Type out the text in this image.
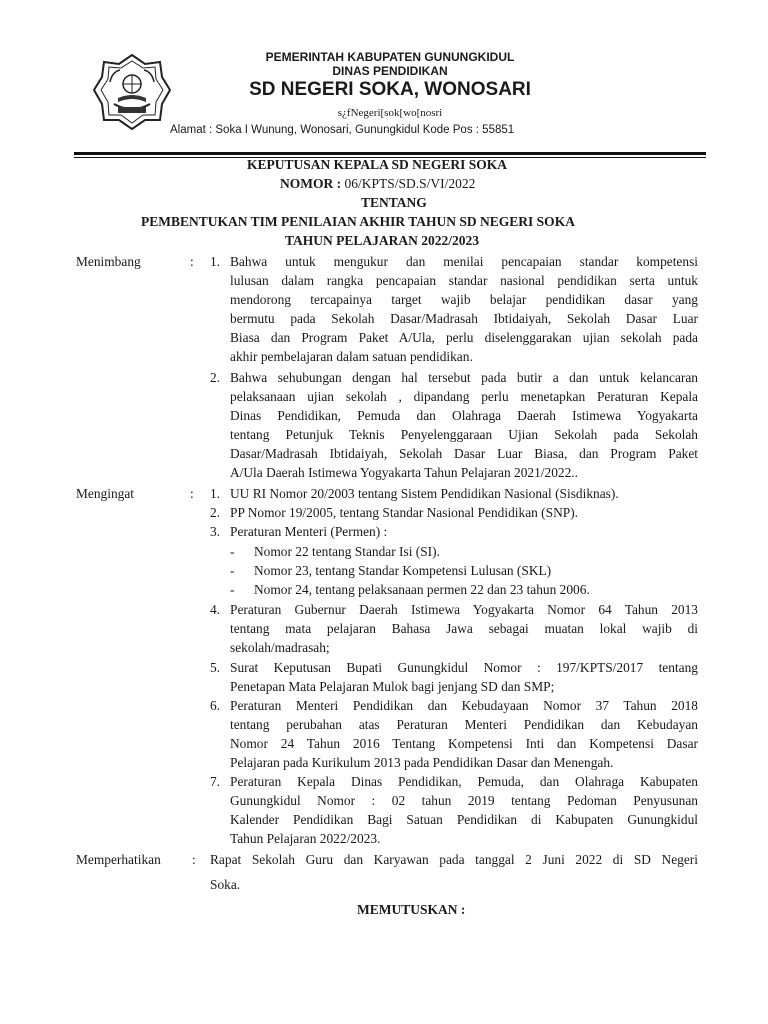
PEMERINTAH KABUPATEN GUNUNGKIDUL
DINAS PENDIDIKAN
SD NEGERI SOKA, WONOSARI
s¿fNegeri[sok[wo[nosri
Alamat : Soka I Wunung, Wonosari, Gunungkidul Kode Pos : 55851
KEPUTUSAN KEPALA SD NEGERI SOKA
NOMOR : 06/KPTS/SD.S/VI/2022
TENTANG
PEMBENTUKAN TIM PENILAIAN AKHIR TAHUN SD NEGERI SOKA
TAHUN PELAJARAN 2022/2023
Menimbang	:	1. Bahwa untuk mengukur dan menilai pencapaian standar kompetensi
lulusan dalam rangka pencapaian standar nasional pendidikan serta untuk
mendorong tercapainya target wajib belajar pendidikan dasar yang
bermutu pada Sekolah Dasar/Madrasah Ibtidaiyah, Sekolah Dasar Luar
Biasa dan Program Paket A/Ula, perlu diselenggarakan ujian sekolah pada
akhir pembelajaran dalam satuan pendidikan.
2. Bahwa sehubungan dengan hal tersebut pada butir a dan untuk kelancaran
pelaksanaan ujian sekolah , dipandang perlu menetapkan Peraturan Kepala
Dinas Pendidikan, Pemuda dan Olahraga Daerah Istimewa Yogyakarta
tentang Petunjuk Teknis Penyelenggaraan Ujian Sekolah pada Sekolah
Dasar/Madrasah Ibtidaiyah, Sekolah Dasar Luar Biasa, dan Program Paket
A/Ula Daerah Istimewa Yogyakarta Tahun Pelajaran 2021/2022..
Mengingat	:	1. UU RI Nomor 20/2003 tentang Sistem Pendidikan Nasional (Sisdiknas).
2. PP Nomor 19/2005, tentang Standar Nasional Pendidikan (SNP).
3. Peraturan Menteri (Permen) :
- Nomor 22 tentang Standar Isi (SI).
- Nomor 23, tentang Standar Kompetensi Lulusan (SKL)
- Nomor 24, tentang pelaksanaan permen 22 dan 23 tahun 2006.
4. Peraturan Gubernur Daerah Istimewa Yogyakarta Nomor 64 Tahun 2013
tentang mata pelajaran Bahasa Jawa sebagai muatan lokal wajib di
sekolah/madrasah;
5. Surat Keputusan Bupati Gunungkidul Nomor : 197/KPTS/2017 tentang
Penetapan Mata Pelajaran Mulok bagi jenjang SD dan SMP;
6. Peraturan Menteri Pendidikan dan Kebudayaan Nomor 37 Tahun 2018
tentang perubahan atas Peraturan Menteri Pendidikan dan Kebudayan
Nomor 24 Tahun 2016 Tentang Kompetensi Inti dan Kompetensi Dasar
Pelajaran pada Kurikulum 2013 pada Pendidikan Dasar dan Menengah.
7. Peraturan Kepala Dinas Pendidikan, Pemuda, dan Olahraga Kabupaten
Gunungkidul Nomor : 02 tahun 2019 tentang Pedoman Penyusunan
Kalender Pendidikan Bagi Satuan Pendidikan di Kabupaten Gunungkidul
Tahun Pelajaran 2022/2023.
Memperhatikan : Rapat Sekolah Guru dan Karyawan pada tanggal 2 Juni 2022 di SD Negeri
Soka.
MEMUTUSKAN :
